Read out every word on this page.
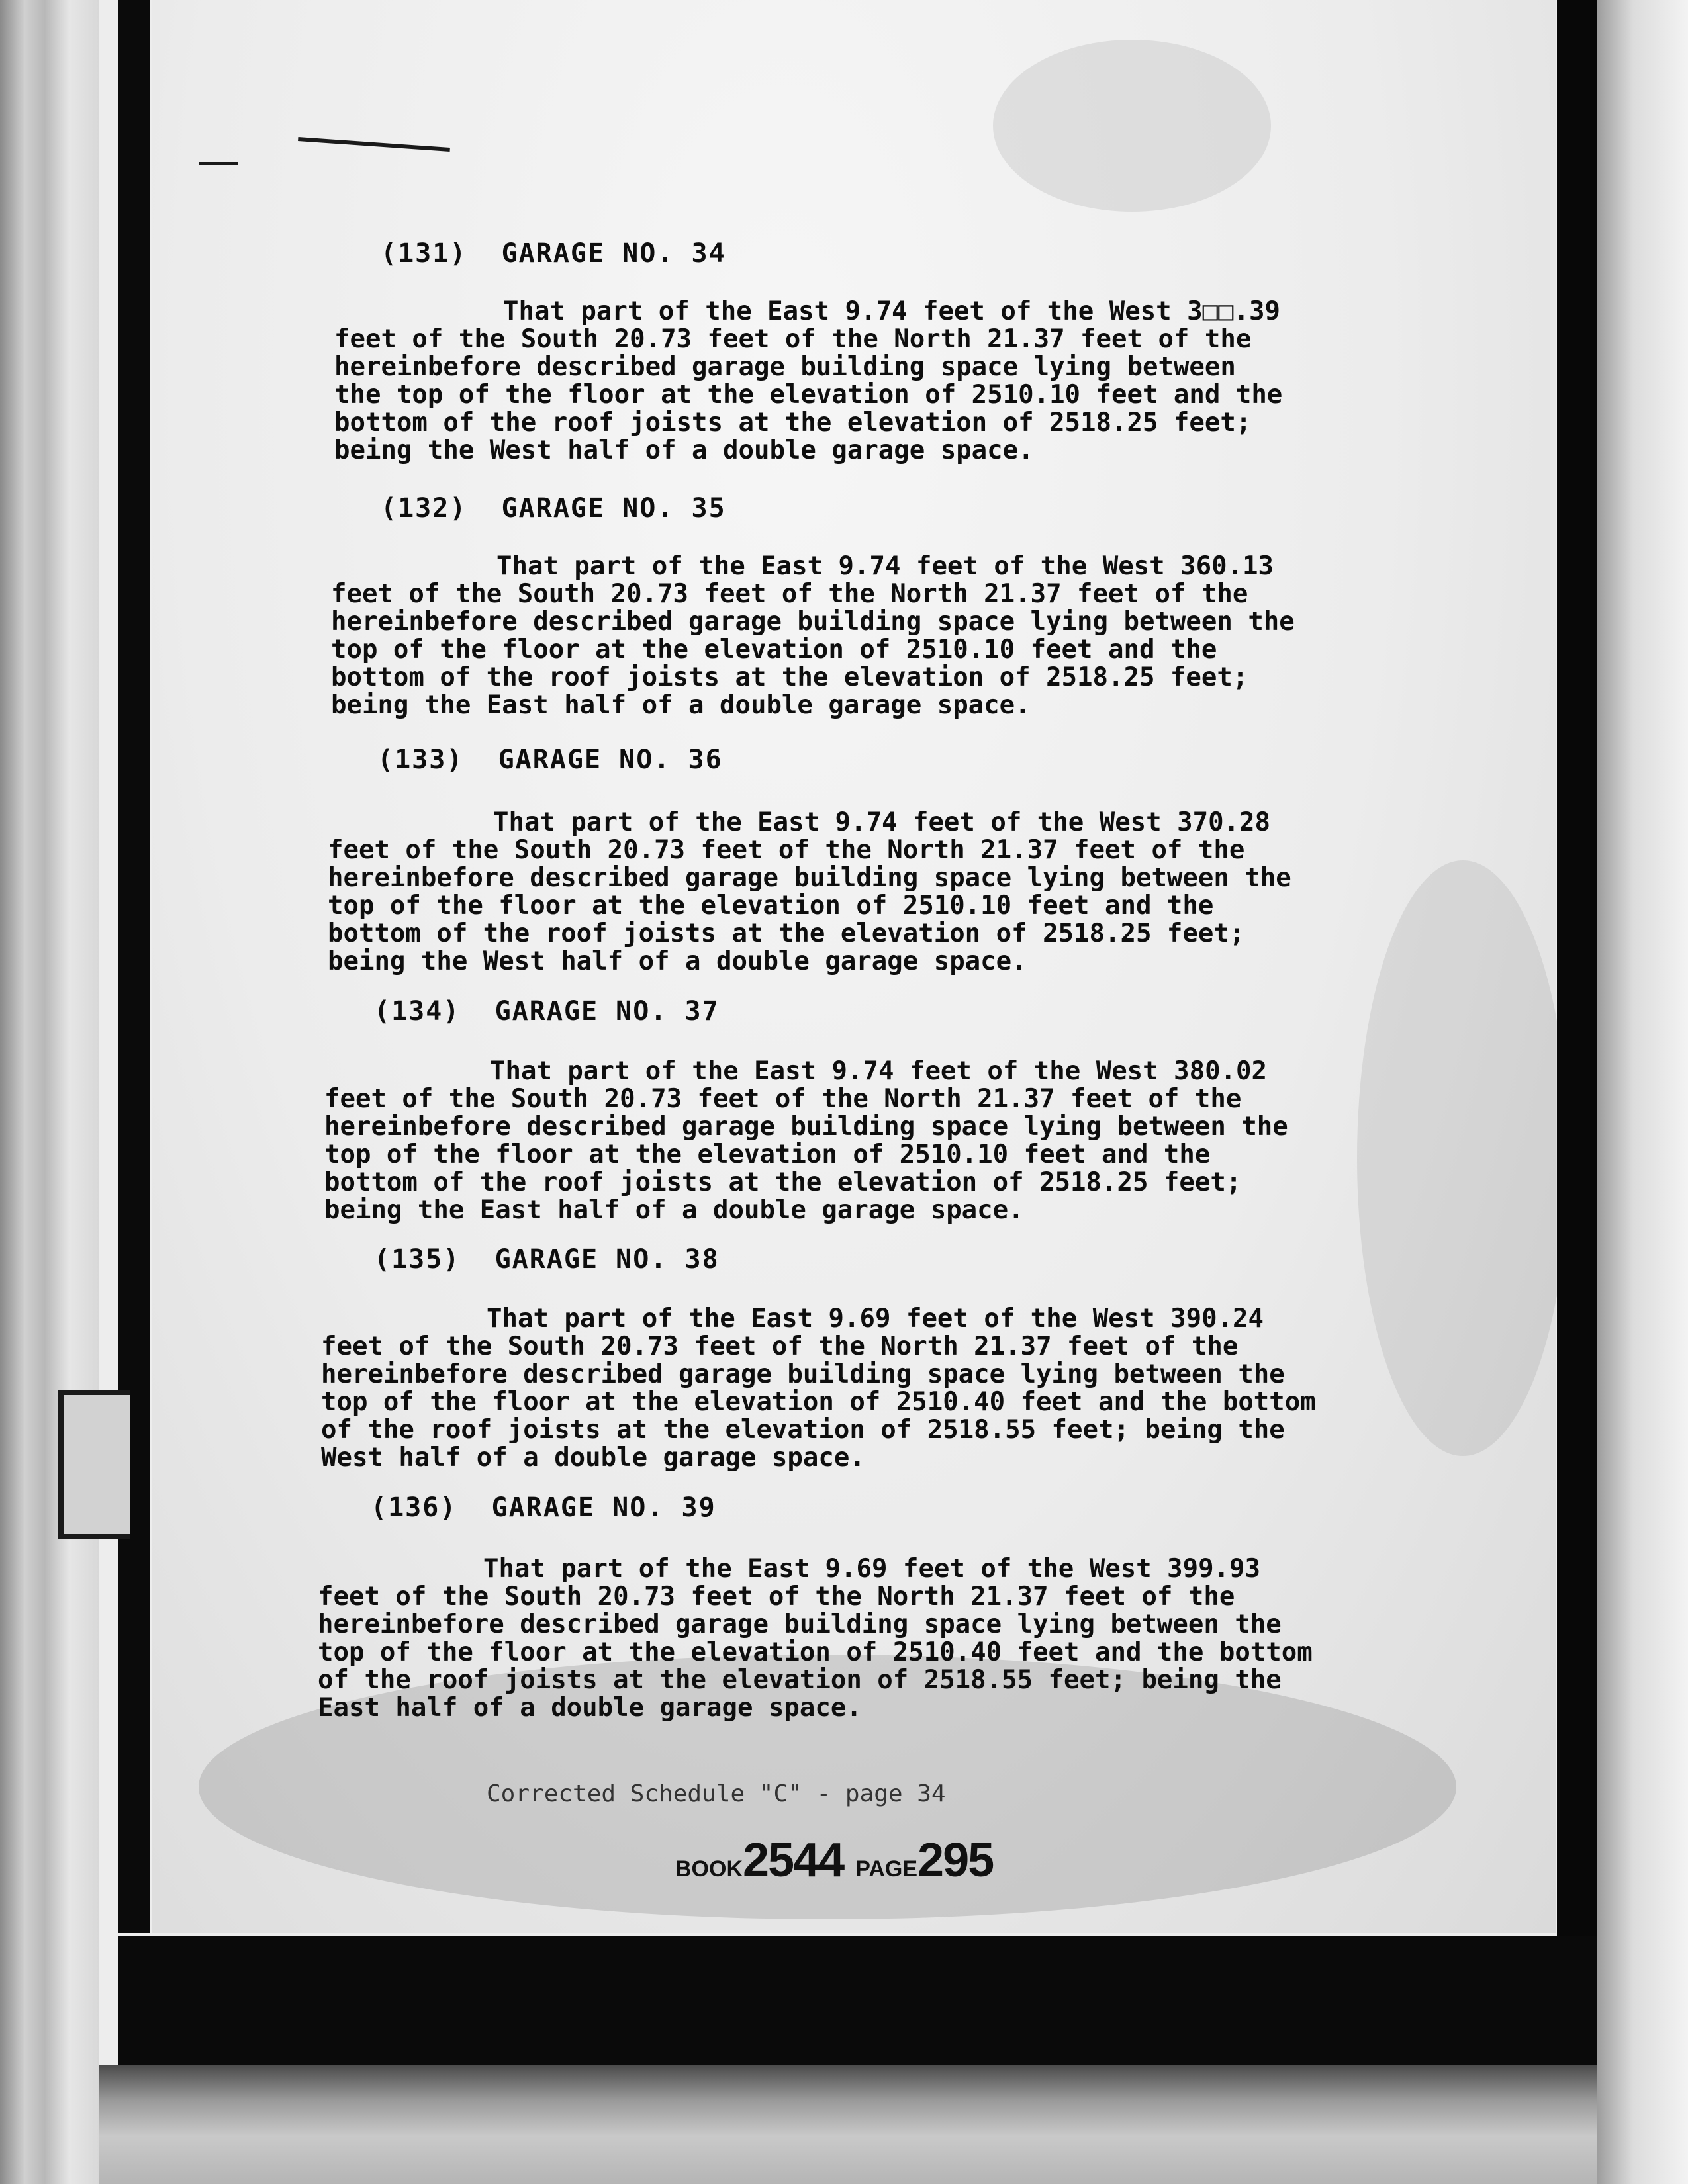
(131) GARAGE NO. 34
That part of the East 9.74 feet of the West 3□□.39
feet of the South 20.73 feet of the North 21.37 feet of the
hereinbefore described garage building space lying between
the top of the floor at the elevation of 2510.10 feet and the
bottom of the roof joists at the elevation of 2518.25 feet;
being the West half of a double garage space.
(132) GARAGE NO. 35
That part of the East 9.74 feet of the West 360.13
feet of the South 20.73 feet of the North 21.37 feet of the
hereinbefore described garage building space lying between the
top of the floor at the elevation of 2510.10 feet and the
bottom of the roof joists at the elevation of 2518.25 feet;
being the East half of a double garage space.
(133) GARAGE NO. 36
That part of the East 9.74 feet of the West 370.28
feet of the South 20.73 feet of the North 21.37 feet of the
hereinbefore described garage building space lying between the
top of the floor at the elevation of 2510.10 feet and the
bottom of the roof joists at the elevation of 2518.25 feet;
being the West half of a double garage space.
(134) GARAGE NO. 37
That part of the East 9.74 feet of the West 380.02
feet of the South 20.73 feet of the North 21.37 feet of the
hereinbefore described garage building space lying between the
top of the floor at the elevation of 2510.10 feet and the
bottom of the roof joists at the elevation of 2518.25 feet;
being the East half of a double garage space.
(135) GARAGE NO. 38
That part of the East 9.69 feet of the West 390.24
feet of the South 20.73 feet of the North 21.37 feet of the
hereinbefore described garage building space lying between the
top of the floor at the elevation of 2510.40 feet and the bottom
of the roof joists at the elevation of 2518.55 feet; being the
West half of a double garage space.
(136) GARAGE NO. 39
That part of the East 9.69 feet of the West 399.93
feet of the South 20.73 feet of the North 21.37 feet of the
hereinbefore described garage building space lying between the
top of the floor at the elevation of 2510.40 feet and the bottom
of the roof joists at the elevation of 2518.55 feet; being the
East half of a double garage space.
Corrected Schedule "C" - page 34
BOOK2544 PAGE295
